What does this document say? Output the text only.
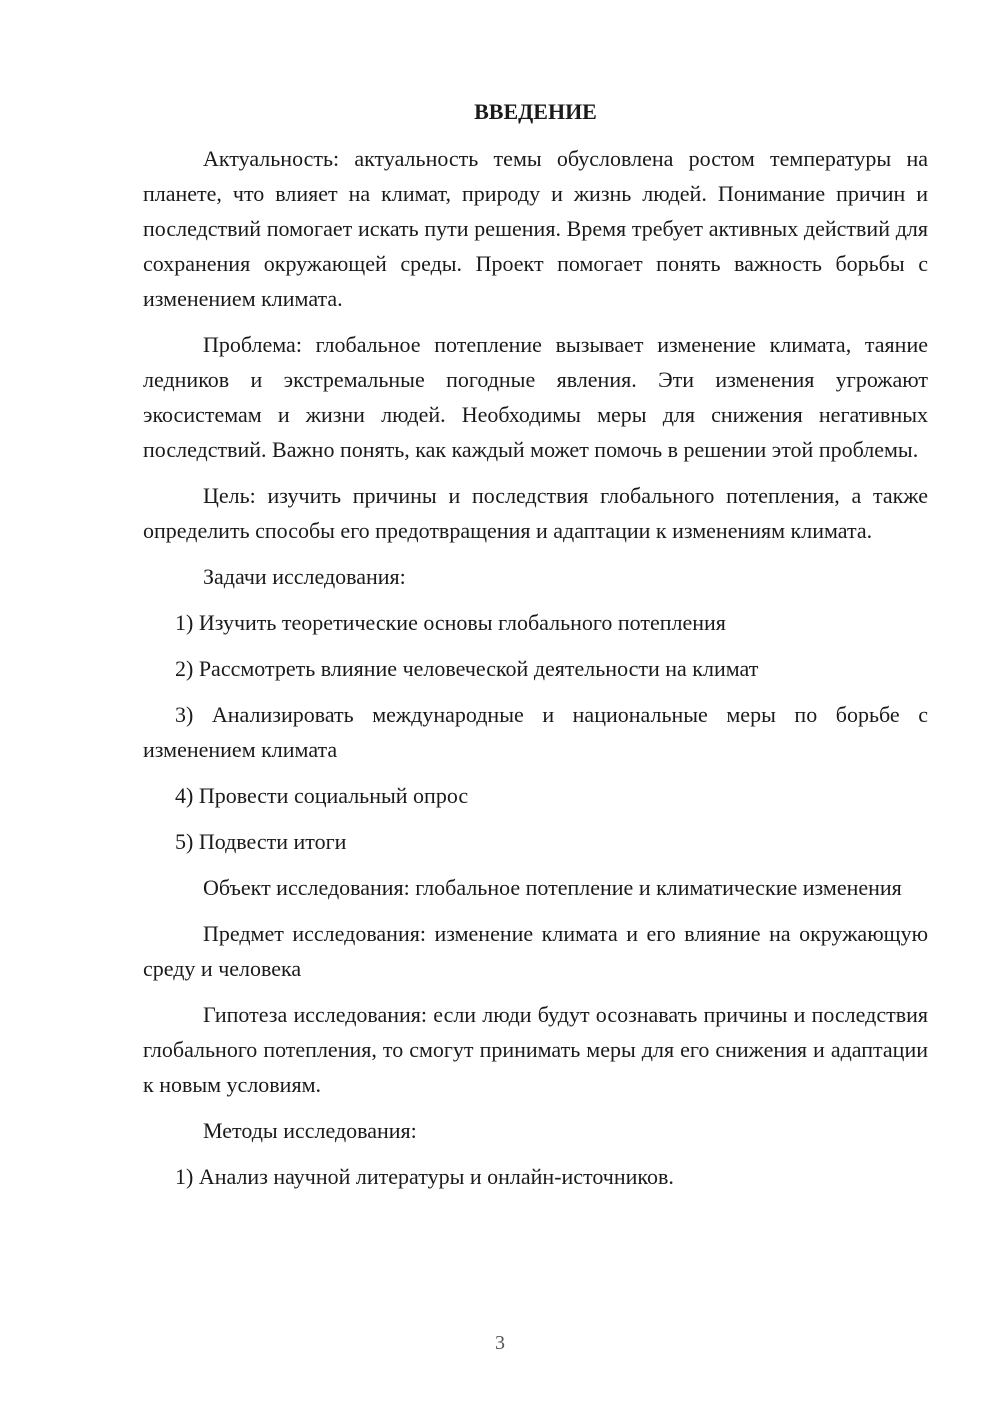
ВВЕДЕНИЕ

Актуальность: актуальность темы обусловлена ростом температуры на планете, что влияет на климат, природу и жизнь людей. Понимание причин и последствий помогает искать пути решения. Время требует активных действий для сохранения окружающей среды. Проект помогает понять важность борьбы с изменением климата.

Проблема: глобальное потепление вызывает изменение климата, таяние ледников и экстремальные погодные явления. Эти изменения угрожают экосистемам и жизни людей. Необходимы меры для снижения негативных последствий. Важно понять, как каждый может помочь в решении этой проблемы.

Цель: изучить причины и последствия глобального потепления, а также определить способы его предотвращения и адаптации к изменениям климата.

Задачи исследования:

1) Изучить теоретические основы глобального потепления

2) Рассмотреть влияние человеческой деятельности на климат

3) Анализировать международные и национальные меры по борьбе с изменением климата

4) Провести социальный опрос

5) Подвести итоги

Объект исследования: глобальное потепление и климатические изменения

Предмет исследования: изменение климата и его влияние на окружающую среду и человека

Гипотеза исследования: если люди будут осознавать причины и последствия глобального потепления, то смогут принимать меры для его снижения и адаптации к новым условиям.

Методы исследования:

1) Анализ научной литературы и онлайн-источников.

3
